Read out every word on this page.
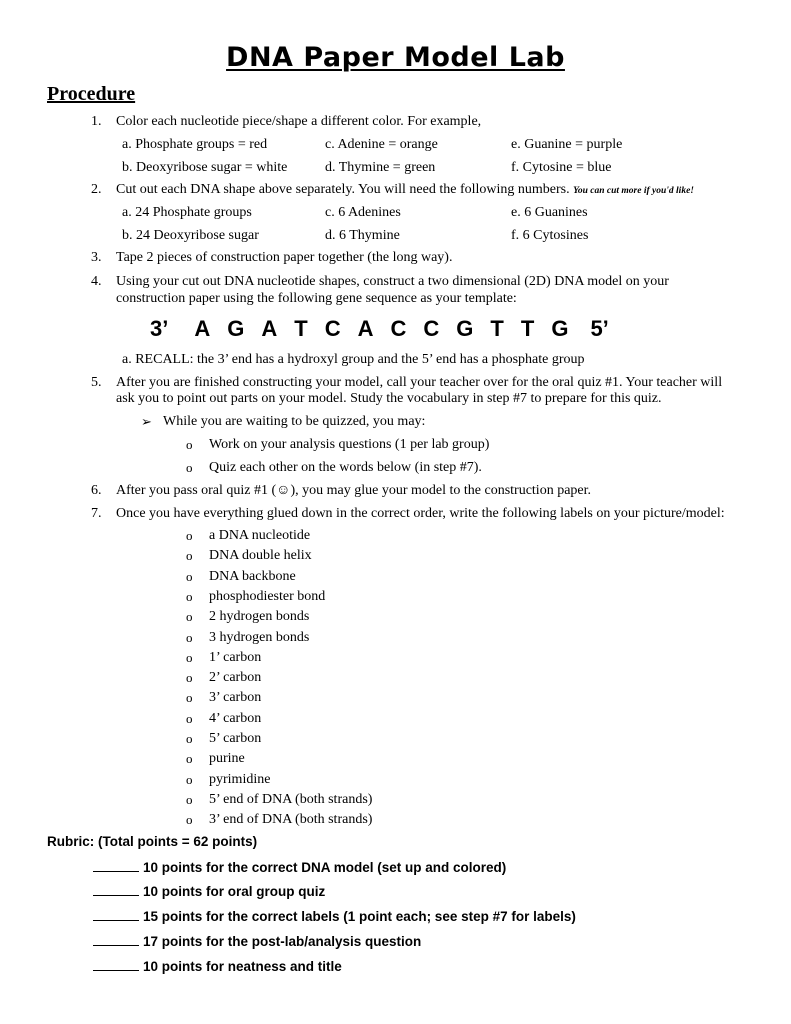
DNA Paper Model Lab
Procedure
1. Color each nucleotide piece/shape a different color. For example,
a. Phosphate groups = red	c. Adenine = orange	e. Guanine = purple
b. Deoxyribose sugar = white	d. Thymine = green	f. Cytosine = blue
2. Cut out each DNA shape above separately. You will need the following numbers. You can cut more if you'd like!
a. 24 Phosphate groups	c. 6 Adenines	e. 6 Guanines
b. 24 Deoxyribose sugar	d. 6 Thymine	f. 6 Cytosines
3. Tape 2 pieces of construction paper together (the long way).
4. Using your cut out DNA nucleotide shapes, construct a two dimensional (2D) DNA model on your
construction paper using the following gene sequence as your template:
3’ A G A T C A C C G T T G 5’
a. RECALL: the 3’ end has a hydroxyl group and the 5’ end has a phosphate group
5. After you are finished constructing your model, call your teacher over for the oral quiz #1. Your teacher will
ask you to point out parts on your model. Study the vocabulary in step #7 to prepare for this quiz.
➢ While you are waiting to be quizzed, you may:
o Work on your analysis questions (1 per lab group)
o Quiz each other on the words below (in step #7).
6. After you pass oral quiz #1 (☺), you may glue your model to the construction paper.
7. Once you have everything glued down in the correct order, write the following labels on your picture/model:
o a DNA nucleotide
o DNA double helix
o DNA backbone
o phosphodiester bond
o 2 hydrogen bonds
o 3 hydrogen bonds
o 1’ carbon
o 2’ carbon
o 3’ carbon
o 4’ carbon
o 5’ carbon
o purine
o pyrimidine
o 5’ end of DNA (both strands)
o 3’ end of DNA (both strands)
Rubric: (Total points = 62 points)
10 points for the correct DNA model (set up and colored)
10 points for oral group quiz
15 points for the correct labels (1 point each; see step #7 for labels)
17 points for the post-lab/analysis question
10 points for neatness and title
